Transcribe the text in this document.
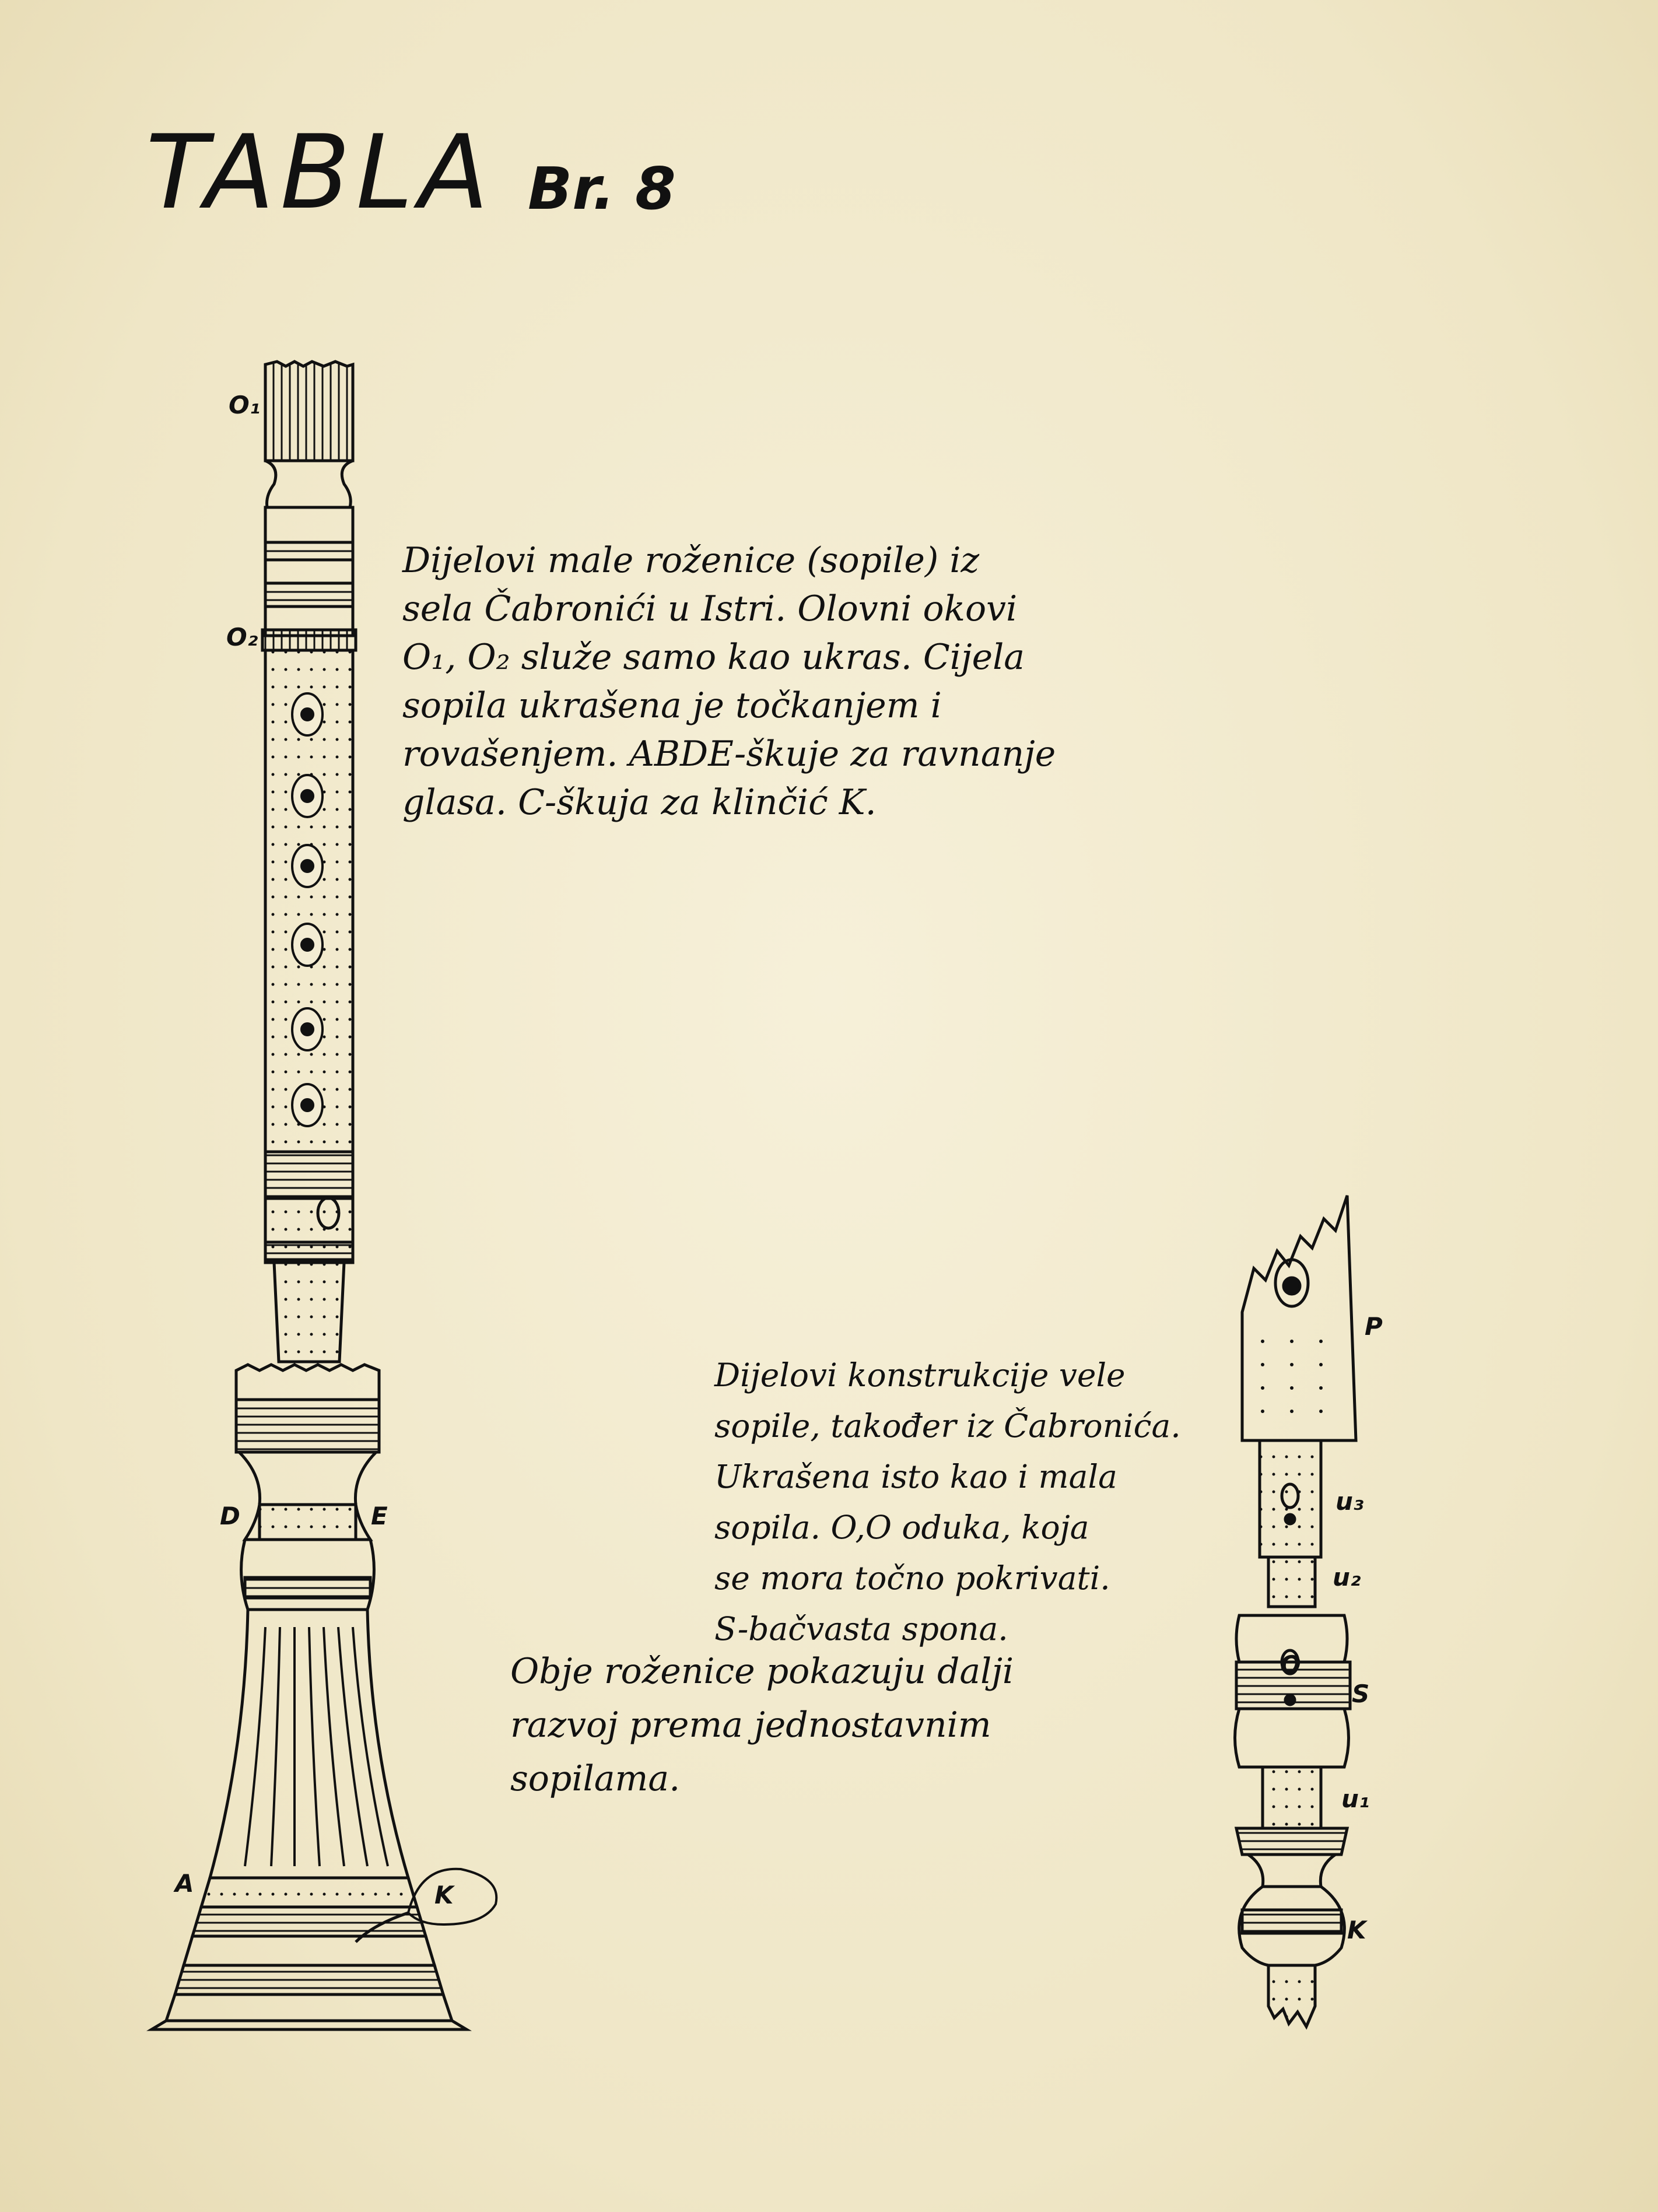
TABLA Br. 8
Dijelovi male roženice (sopile) iz
sela Čabronići u Istri. Olovni okovi
O₁, O₂ služe samo kao ukras. Cijela
sopila ukrašena je točkanjem i
rovašenjem. ABDE-škuje za ravnanje
glasa. C-škuja za klinčić K.
Dijelovi konstrukcije vele
sopile, također iz Čabronića.
Ukrašena isto kao i mala
sopila. O,O oduka, koja
se mora točno pokrivati.
S-bačvasta spona.
Obje roženice pokazuju dalji
razvoj prema jednostavnim
sopilama.
O₁
O₂
D	E
A	K
P
u₃
u₂
S
u₁
K
O
